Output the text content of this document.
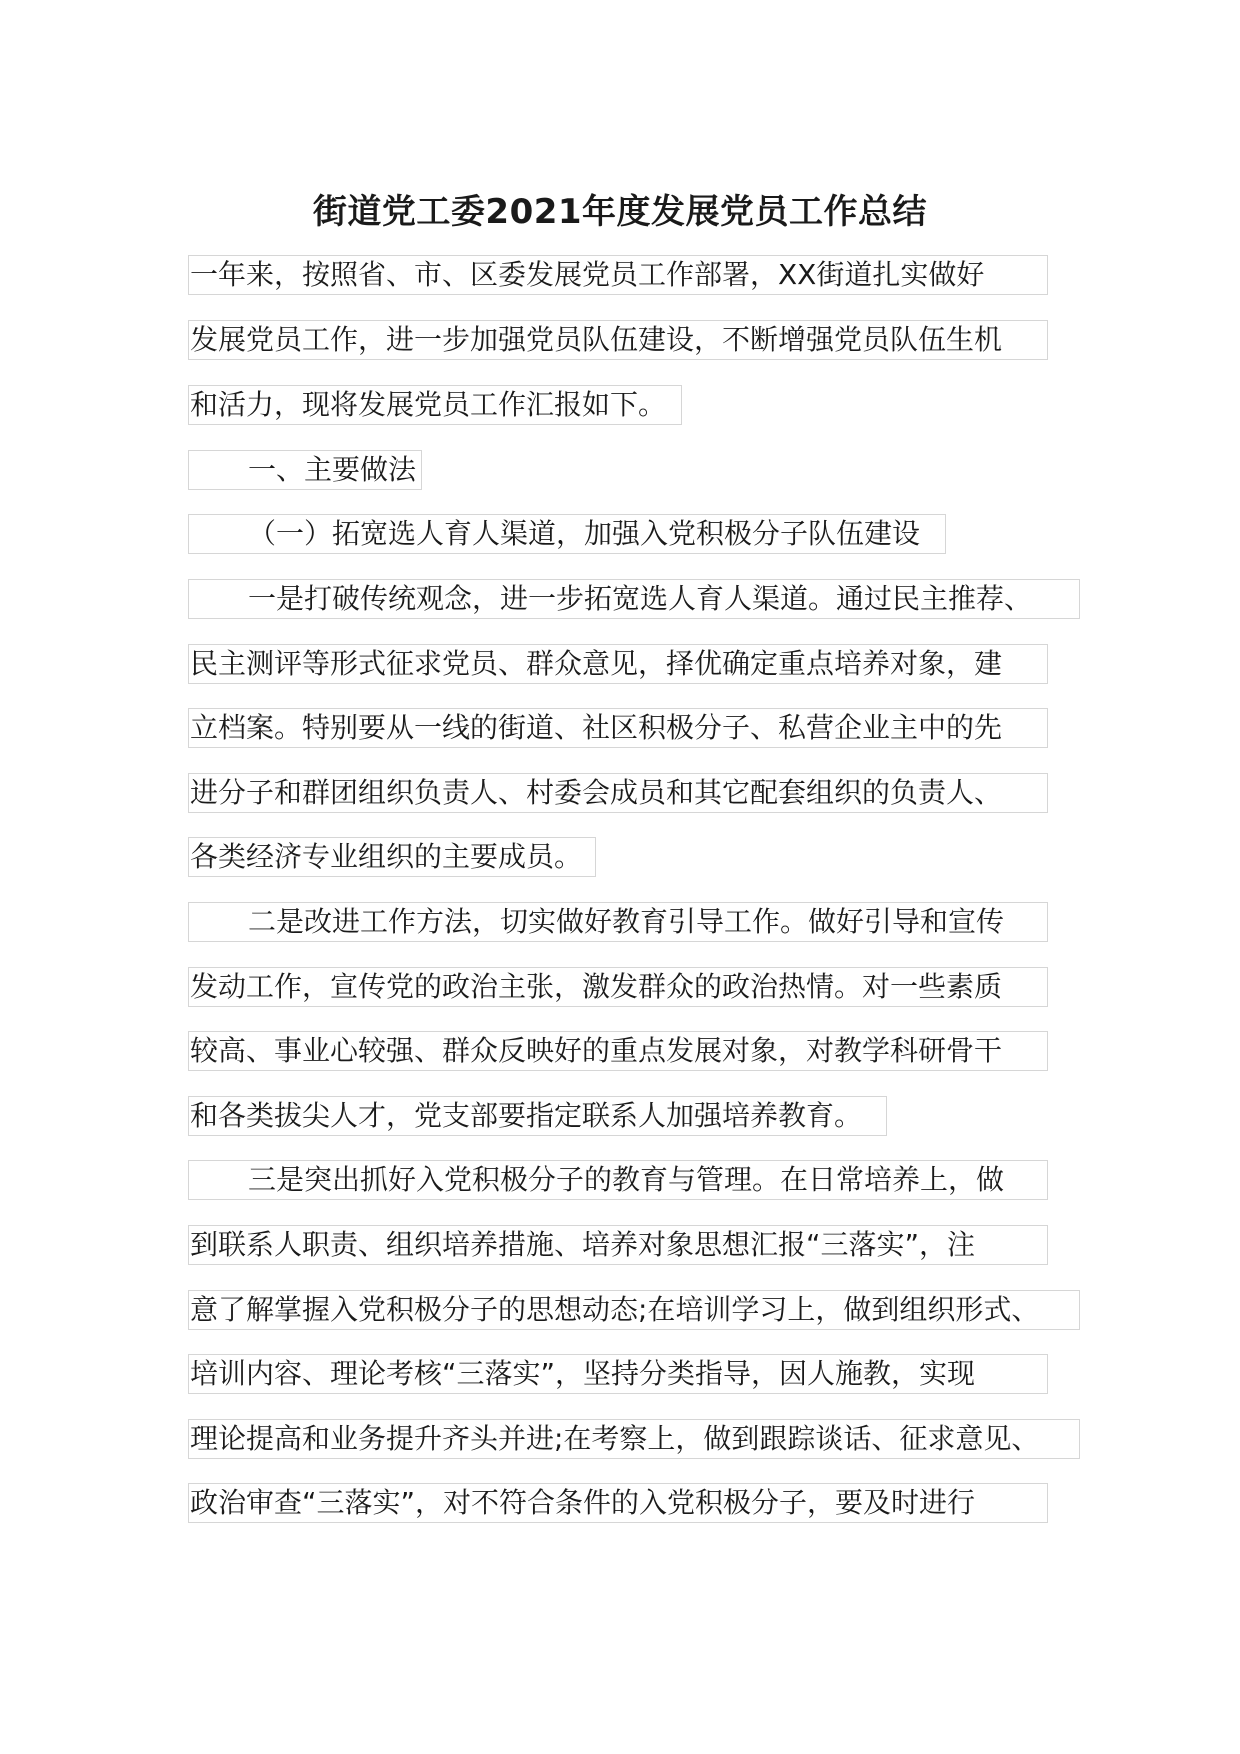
街道党工委2021年度发展党员工作总结
一年来，按照省、市、区委发展党员工作部署，XX街道扎实做好
发展党员工作，进一步加强党员队伍建设，不断增强党员队伍生机
和活力，现将发展党员工作汇报如下。
一、主要做法
（一）拓宽选人育人渠道，加强入党积极分子队伍建设
一是打破传统观念，进一步拓宽选人育人渠道。通过民主推荐、
民主测评等形式征求党员、群众意见，择优确定重点培养对象，建
立档案。特别要从一线的街道、社区积极分子、私营企业主中的先
进分子和群团组织负责人、村委会成员和其它配套组织的负责人、
各类经济专业组织的主要成员。
二是改进工作方法，切实做好教育引导工作。做好引导和宣传
发动工作，宣传党的政治主张，激发群众的政治热情。对一些素质
较高、事业心较强、群众反映好的重点发展对象，对教学科研骨干
和各类拔尖人才，党支部要指定联系人加强培养教育。
三是突出抓好入党积极分子的教育与管理。在日常培养上，做
到联系人职责、组织培养措施、培养对象思想汇报“三落实”，注
意了解掌握入党积极分子的思想动态;在培训学习上，做到组织形式、
培训内容、理论考核“三落实”，坚持分类指导，因人施教，实现
理论提高和业务提升齐头并进;在考察上，做到跟踪谈话、征求意见、
政治审查“三落实”，对不符合条件的入党积极分子，要及时进行
